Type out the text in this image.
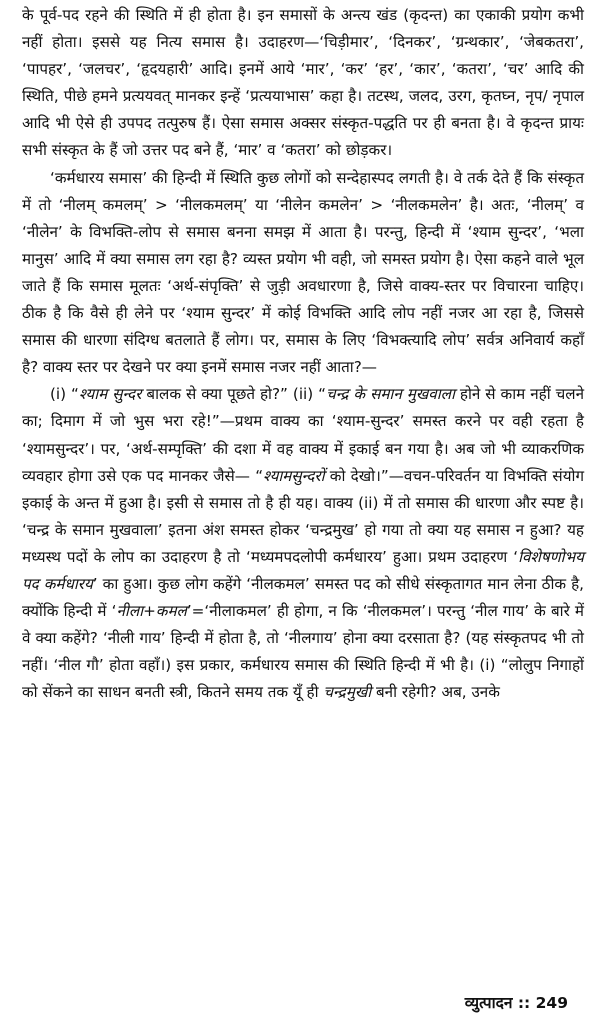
के पूर्व-पद रहने की स्थिति में ही होता है। इन समासों के अन्त्य खंड (कृदन्त) का एकाकी प्रयोग कभी नहीं होता। इससे यह नित्य समास है। उदाहरण—‘चिड़ीमार’, ‘दिनकर’, ‘ग्रन्थकार’, ‘जेबकतरा’, ‘पापहर’, ‘जलचर’, ‘हृदयहारी’ आदि। इनमें आये ‘मार’, ‘कर’ ‘हर’, ‘कार’, ‘कतरा’, ‘चर’ आदि की स्थिति, पीछे हमने प्रत्ययवत् मानकर इन्हें ‘प्रत्ययाभास’ कहा है। तटस्थ, जलद, उरग, कृतघ्न, नृप/ नृपाल आदि भी ऐसे ही उपपद तत्पुरुष हैं। ऐसा समास अक्सर संस्कृत-पद्धति पर ही बनता है। वे कृदन्त प्रायः सभी संस्कृत के हैं जो उत्तर पद बने हैं, ‘मार’ व ‘कतरा’ को छोड़कर।

‘कर्मधारय समास’ की हिन्दी में स्थिति कुछ लोगों को सन्देहास्पद लगती है। वे तर्क देते हैं कि संस्कृत में तो ‘नीलम् कमलम्’ > ‘नीलकमलम्’ या ‘नीलेन कमलेन’ > ‘नीलकमलेन’ है। अतः, ‘नीलम्’ व ‘नीलेन’ के विभक्ति-लोप से समास बनना समझ में आता है। परन्तु, हिन्दी में ‘श्याम सुन्दर’, ‘भला मानुस’ आदि में क्या समास लग रहा है? व्यस्त प्रयोग भी वही, जो समस्त प्रयोग है। ऐसा कहने वाले भूल जाते हैं कि समास मूलतः ‘अर्थ-संपृक्ति’ से जुड़ी अवधारणा है, जिसे वाक्य-स्तर पर विचारना चाहिए। ठीक है कि वैसे ही लेने पर ‘श्याम सुन्दर’ में कोई विभक्ति आदि लोप नहीं नजर आ रहा है, जिससे समास की धारणा संदिग्ध बतलाते हैं लोग। पर, समास के लिए ‘विभक्त्यादि लोप’ सर्वत्र अनिवार्य कहाँ है? वाक्य स्तर पर देखने पर क्या इनमें समास नजर नहीं आता?—

(i) “श्याम सुन्दर बालक से क्या पूछते हो?” (ii) “चन्द्र के समान मुखवाला होने से काम नहीं चलने का; दिमाग में जो भुस भरा रहे!”—प्रथम वाक्य का ‘श्याम-सुन्दर’ समस्त करने पर वही रहता है ‘श्यामसुन्दर’। पर, ‘अर्थ-सम्पृक्ति’ की दशा में वह वाक्य में इकाई बन गया है। अब जो भी व्याकरणिक व्यवहार होगा उसे एक पद मानकर जैसे— “श्यामसुन्दरों को देखो।”—वचन-परिवर्तन या विभक्ति संयोग इकाई के अन्त में हुआ है। इसी से समास तो है ही यह। वाक्य (ii) में तो समास की धारणा और स्पष्ट है। ‘चन्द्र के समान मुखवाला’ इतना अंश समस्त होकर ‘चन्द्रमुख’ हो गया तो क्या यह समास न हुआ? यह मध्यस्थ पदों के लोप का उदाहरण है तो ‘मध्यमपदलोपी कर्मधारय’ हुआ। प्रथम उदाहरण ‘विशेषणोभय पद कर्मधारय’ का हुआ। कुछ लोग कहेंगे ‘नीलकमल’ समस्त पद को सीधे संस्कृतागत मान लेना ठीक है, क्योंकि हिन्दी में ‘नीला+कमल’=‘नीलाकमल’ ही होगा, न कि ‘नीलकमल’। परन्तु ‘नील गाय’ के बारे में वे क्या कहेंगे? ‘नीली गाय’ हिन्दी में होता है, तो ‘नीलगाय’ होना क्या दरसाता है? (यह संस्कृतपद भी तो नहीं। ‘नील गौ’ होता वहाँ।) इस प्रकार, कर्मधारय समास की स्थिति हिन्दी में भी है। (i) “लोलुप निगाहों को सेंकने का साधन बनती स्त्री, कितने समय तक यूँ ही चन्द्रमुखी बनी रहेगी? अब, उनके

व्युत्पादन :: 249
